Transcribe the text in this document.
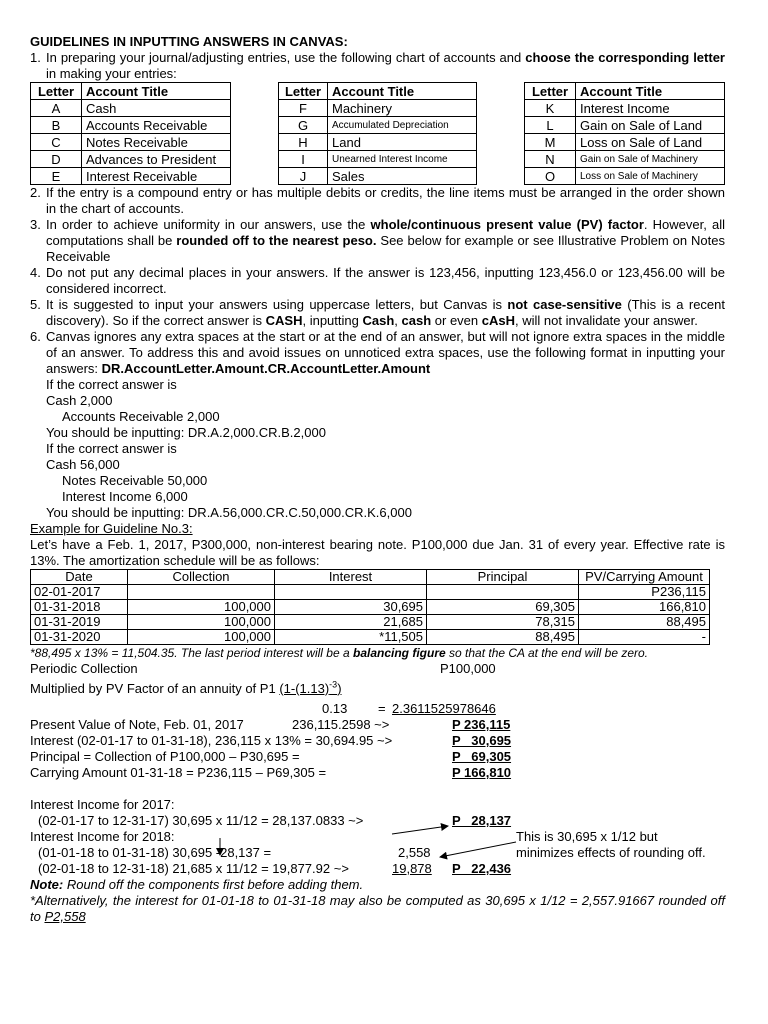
GUIDELINES IN INPUTTING ANSWERS IN CANVAS:
1. In preparing your journal/adjusting entries, use the following chart of accounts and choose the corresponding letter in making your entries:
Letter	Account Title
A	Cash
B	Accounts Receivable
C	Notes Receivable
D	Advances to President
E	Interest Receivable
Letter	Account Title
F	Machinery
G	Accumulated Depreciation
H	Land
I	Unearned Interest Income
J	Sales
Letter	Account Title
K	Interest Income
L	Gain on Sale of Land
M	Loss on Sale of Land
N	Gain on Sale of Machinery
O	Loss on Sale of Machinery
2. If the entry is a compound entry or has multiple debits or credits, the line items must be arranged in the order shown in the chart of accounts.
3. In order to achieve uniformity in our answers, use the whole/continuous present value (PV) factor. However, all computations shall be rounded off to the nearest peso. See below for example or see Illustrative Problem on Notes Receivable
4. Do not put any decimal places in your answers. If the answer is 123,456, inputting 123,456.0 or 123,456.00 will be considered incorrect.
5. It is suggested to input your answers using uppercase letters, but Canvas is not case-sensitive (This is a recent discovery). So if the correct answer is CASH, inputting Cash, cash or even cAsH, will not invalidate your answer.
6. Canvas ignores any extra spaces at the start or at the end of an answer, but will not ignore extra spaces in the middle of an answer. To address this and avoid issues on unnoticed extra spaces, use the following format in inputting your answers: DR.AccountLetter.Amount.CR.AccountLetter.Amount
If the correct answer is
Cash 2,000
Accounts Receivable 2,000
You should be inputting: DR.A.2,000.CR.B.2,000
If the correct answer is
Cash 56,000
Notes Receivable 50,000
Interest Income 6,000
You should be inputting: DR.A.56,000.CR.C.50,000.CR.K.6,000
Example for Guideline No.3:
Let’s have a Feb. 1, 2017, P300,000, non-interest bearing note. P100,000 due Jan. 31 of every year. Effective rate is 13%. The amortization schedule will be as follows:
Date	Collection	Interest	Principal	PV/Carrying Amount
02-01-2017				P236,115
01-31-2018	100,000	30,695	69,305	166,810
01-31-2019	100,000	21,685	78,315	88,495
01-31-2020	100,000	*11,505	88,495	-
*88,495 x 13% = 11,504.35. The last period interest will be a balancing figure so that the CA at the end will be zero.
Periodic Collection	P100,000
Multiplied by PV Factor of an annuity of P1 $(1-(1.13)^{-3})$
0.13 = 2.3611525978646
Present Value of Note, Feb. 01, 2017	236,115.2598 ~>	P 236,115
Interest (02-01-17 to 01-31-18), 236,115 x 13% = 30,694.95 ~>	P   30,695
Principal = Collection of P100,000 – P30,695 =	P   69,305
Carrying Amount 01-31-18 = P236,115 – P69,305 =	P 166,810
Interest Income for 2017:
(02-01-17 to 12-31-17) 30,695 x 11/12 = 28,137.0833 ~>	P   28,137
Interest Income for 2018:	This is 30,695 x 1/12 but
(01-01-18 to 01-31-18) 30,695 -28,137 =	2,558	minimizes effects of rounding off.
(02-01-18 to 12-31-18) 21,685 x 11/12 = 19,877.92 ~>	19,878 P   22,436
Note: Round off the components first before adding them.
*Alternatively, the interest for 01-01-18 to 01-31-18 may also be computed as 30,695 x 1/12 = 2,557.91667 rounded off to P2,558
